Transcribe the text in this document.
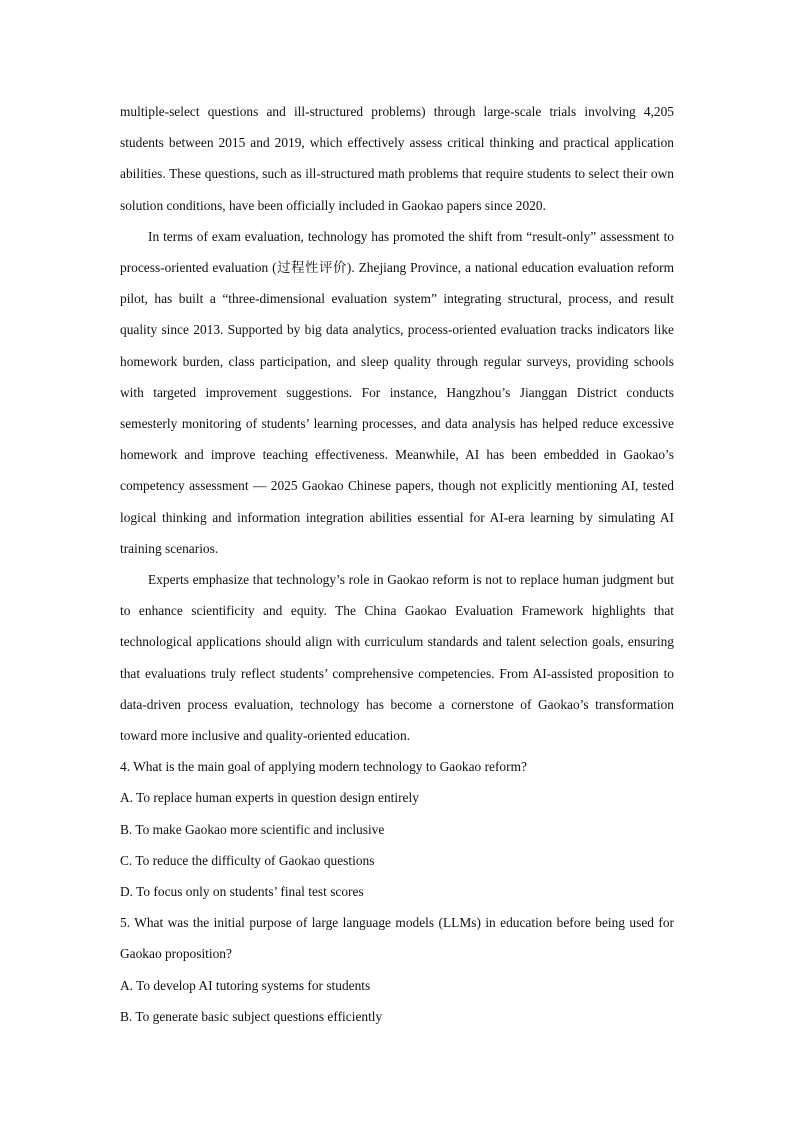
multiple-select questions and ill-structured problems) through large-scale trials involving 4,205 students between 2015 and 2019, which effectively assess critical thinking and practical application abilities. These questions, such as ill-structured math problems that require students to select their own solution conditions, have been officially included in Gaokao papers since 2020.

In terms of exam evaluation, technology has promoted the shift from “result-only” assessment to process-oriented evaluation (过程性评价). Zhejiang Province, a national education evaluation reform pilot, has built a “three-dimensional evaluation system” integrating structural, process, and result quality since 2013. Supported by big data analytics, process-oriented evaluation tracks indicators like homework burden, class participation, and sleep quality through regular surveys, providing schools with targeted improvement suggestions. For instance, Hangzhou’s Jianggan District conducts semesterly monitoring of students’ learning processes, and data analysis has helped reduce excessive homework and improve teaching effectiveness. Meanwhile, AI has been embedded in Gaokao’s competency assessment — 2025 Gaokao Chinese papers, though not explicitly mentioning AI, tested logical thinking and information integration abilities essential for AI-era learning by simulating AI training scenarios.

Experts emphasize that technology’s role in Gaokao reform is not to replace human judgment but to enhance scientificity and equity. The China Gaokao Evaluation Framework highlights that technological applications should align with curriculum standards and talent selection goals, ensuring that evaluations truly reflect students’ comprehensive competencies. From AI-assisted proposition to data-driven process evaluation, technology has become a cornerstone of Gaokao’s transformation toward more inclusive and quality-oriented education.

4. What is the main goal of applying modern technology to Gaokao reform?

A. To replace human experts in question design entirely

B. To make Gaokao more scientific and inclusive

C. To reduce the difficulty of Gaokao questions

D. To focus only on students’ final test scores

5. What was the initial purpose of large language models (LLMs) in education before being used for Gaokao proposition?

A. To develop AI tutoring systems for students

B. To generate basic subject questions efficiently
